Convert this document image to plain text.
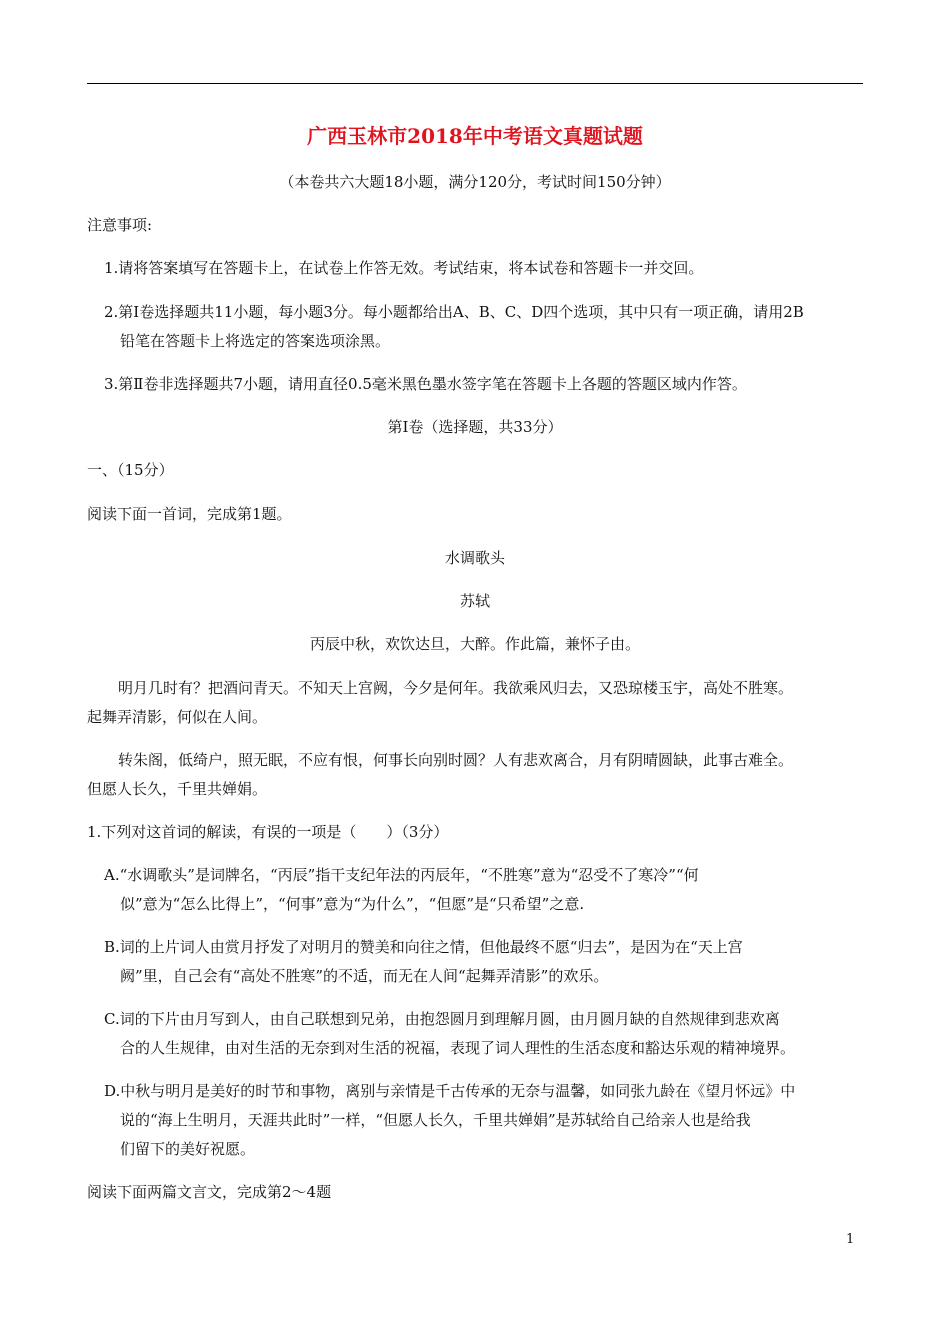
广西玉林市2018年中考语文真题试题
（本卷共六大题18小题，满分120分，考试时间150分钟）
注意事项:
1.请将答案填写在答题卡上，在试卷上作答无效。考试结束，将本试卷和答题卡一并交回。
2.第Ⅰ卷选择题共11小题，每小题3分。每小题都给出A、B、C、D四个选项，其中只有一项正确，请用2B
铅笔在答题卡上将选定的答案选项涂黑。
3.第Ⅱ卷非选择题共7小题，请用直径0.5毫米黑色墨水签字笔在答题卡上各题的答题区域内作答。
第Ⅰ卷（选择题，共33分）
一、（15分）
阅读下面一首词，完成第1题。
水调歌头
苏轼
丙辰中秋，欢饮达旦，大醉。作此篇，兼怀子由。
明月几时有？把酒问青天。不知天上宫阙，今夕是何年。我欲乘风归去，又恐琼楼玉宇，高处不胜寒。
起舞弄清影，何似在人间。
转朱阁，低绮户，照无眠，不应有恨，何事长向别时圆？人有悲欢离合，月有阴晴圆缺，此事古难全。
但愿人长久，千里共婵娟。
1.下列对这首词的解读，有误的一项是（　　）（3分）
A.“水调歌头”是词牌名，“丙辰”指干支纪年法的丙辰年，“不胜寒”意为“忍受不了寒冷”“何
似”意为“怎么比得上”，“何事”意为“为什么”，“但愿”是“只希望”之意.
B.词的上片词人由赏月抒发了对明月的赞美和向往之情，但他最终不愿“归去”，是因为在“天上宫
阙”里，自己会有“高处不胜寒”的不适，而无在人间“起舞弄清影”的欢乐。
C.词的下片由月写到人，由自己联想到兄弟，由抱怨圆月到理解月圆，由月圆月缺的自然规律到悲欢离
合的人生规律，由对生活的无奈到对生活的祝福，表现了词人理性的生活态度和豁达乐观的精神境界。
D.中秋与明月是美好的时节和事物，离别与亲情是千古传承的无奈与温馨，如同张九龄在《望月怀远》中
说的“海上生明月，天涯共此时”一样，“但愿人长久，千里共婵娟”是苏轼给自己给亲人也是给我
们留下的美好祝愿。
阅读下面两篇文言文，完成第2～4题
1
